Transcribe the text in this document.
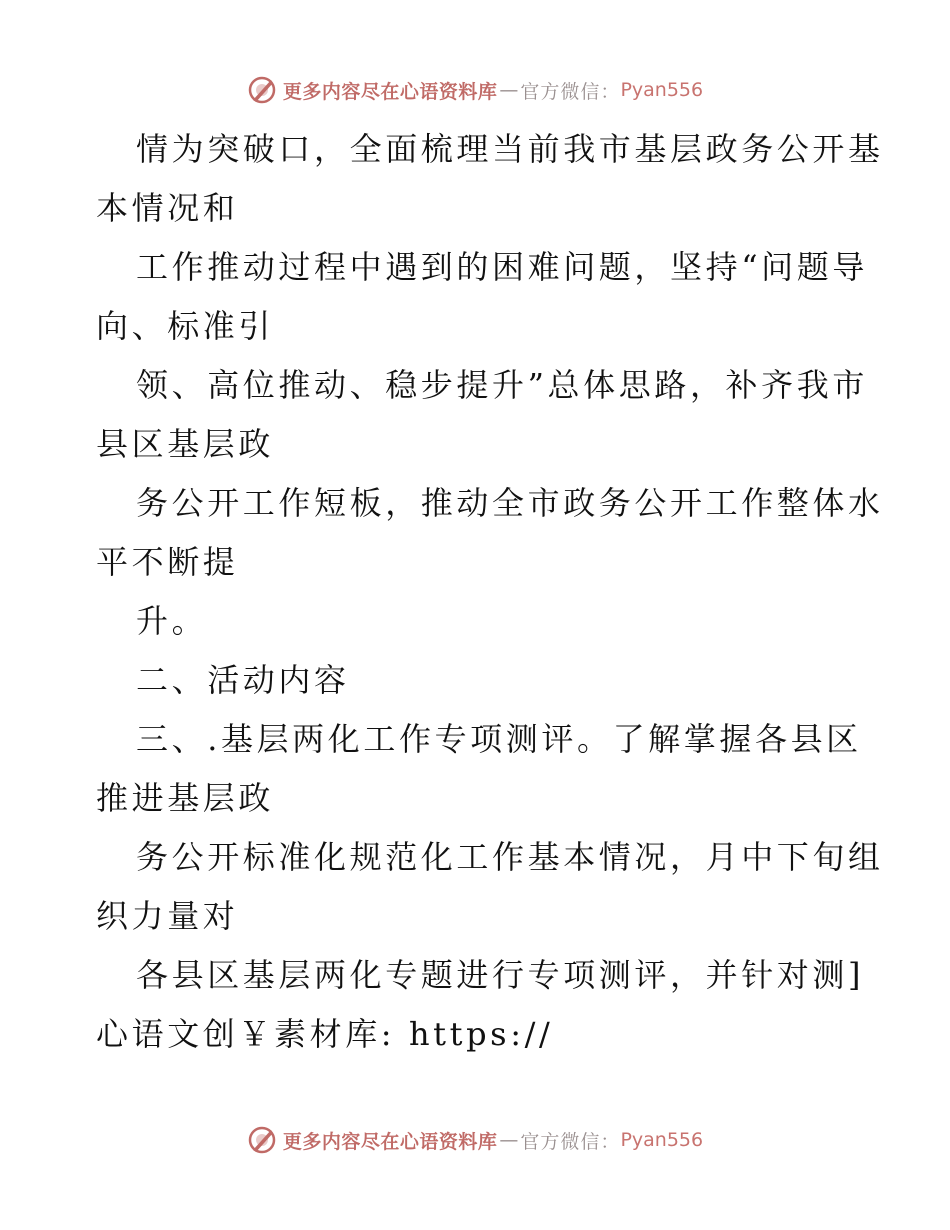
更多内容尽在心语资料库 — 官方微信： Pyan556
情为突破口，全面梳理当前我市基层政务公开基
本情况和
工作推动过程中遇到的困难问题，坚持“问题导
向、标准引
领、高位推动、稳步提升”总体思路，补齐我市
县区基层政
务公开工作短板，推动全市政务公开工作整体水
平不断提
升。
二、活动内容
三、.基层两化工作专项测评。了解掌握各县区
推进基层政
务公开标准化规范化工作基本情况，月中下旬组
织力量对
各县区基层两化专题进行专项测评，并针对测]
心语文创￥素材库: https://
更多内容尽在心语资料库 — 官方微信： Pyan556
